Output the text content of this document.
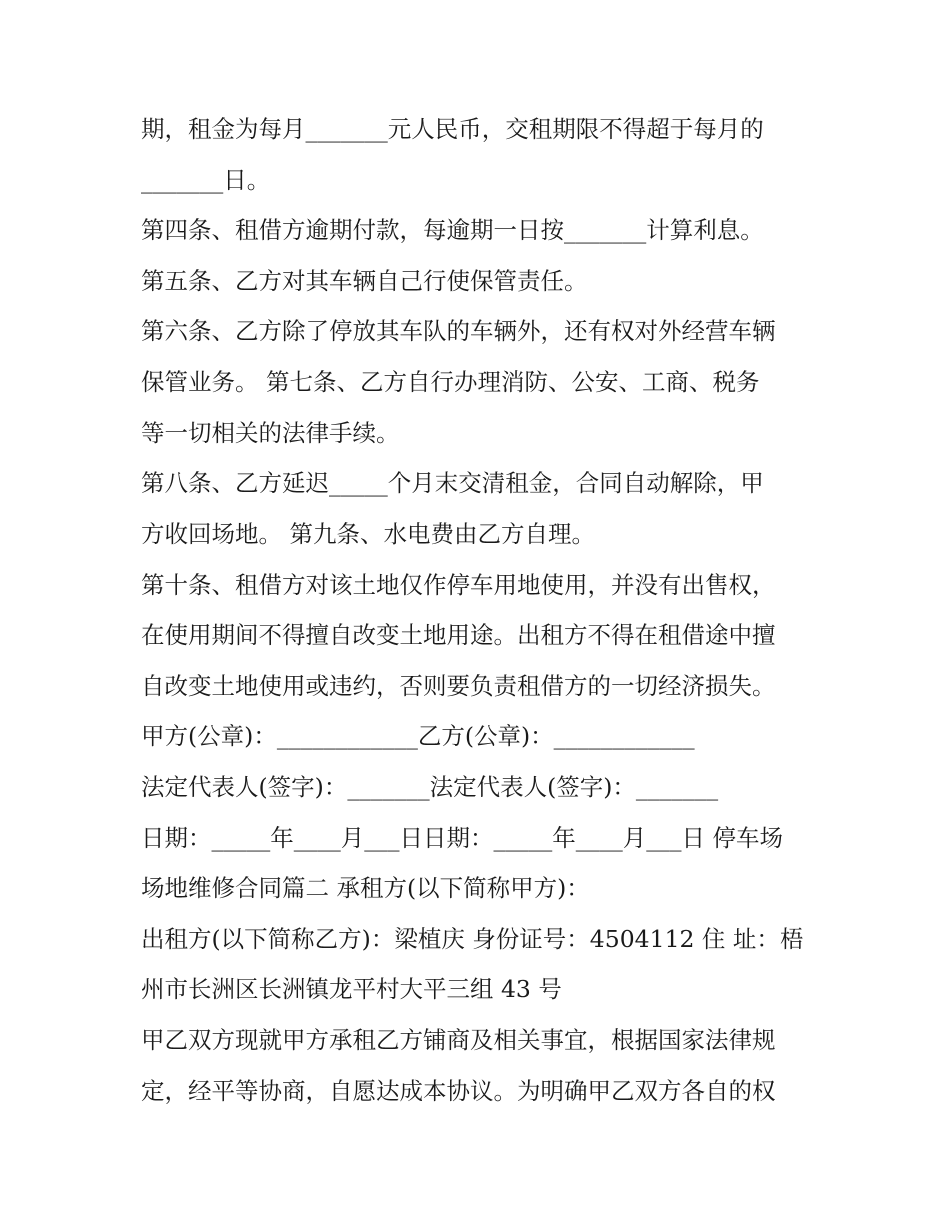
期，租金为每月_______元人民币，交租期限不得超于每月的

_______日。

第四条、租借方逾期付款，每逾期一日按_______计算利息。

第五条、乙方对其车辆自己行使保管责任。

第六条、乙方除了停放其车队的车辆外，还有权对外经营车辆

保管业务。 第七条、乙方自行办理消防、公安、工商、税务

等一切相关的法律手续。

第八条、乙方延迟_____个月末交清租金，合同自动解除，甲

方收回场地。 第九条、水电费由乙方自理。

第十条、租借方对该土地仅作停车用地使用，并没有出售权，

在使用期间不得擅自改变土地用途。出租方不得在租借途中擅

自改变土地使用或违约，否则要负责租借方的一切经济损失。

甲方(公章)：____________乙方(公章)：____________

法定代表人(签字)：_______法定代表人(签字)：_______

日期：_____年____月___日日期：_____年____月___日 停车场

场地维修合同篇二 承租方(以下简称甲方)：

出租方(以下简称乙方)：梁植庆 身份证号：4504112 住 址：梧

州市长洲区长洲镇龙平村大平三组 43 号

甲乙双方现就甲方承租乙方铺商及相关事宜，根据国家法律规

定，经平等协商，自愿达成本协议。为明确甲乙双方各自的权
